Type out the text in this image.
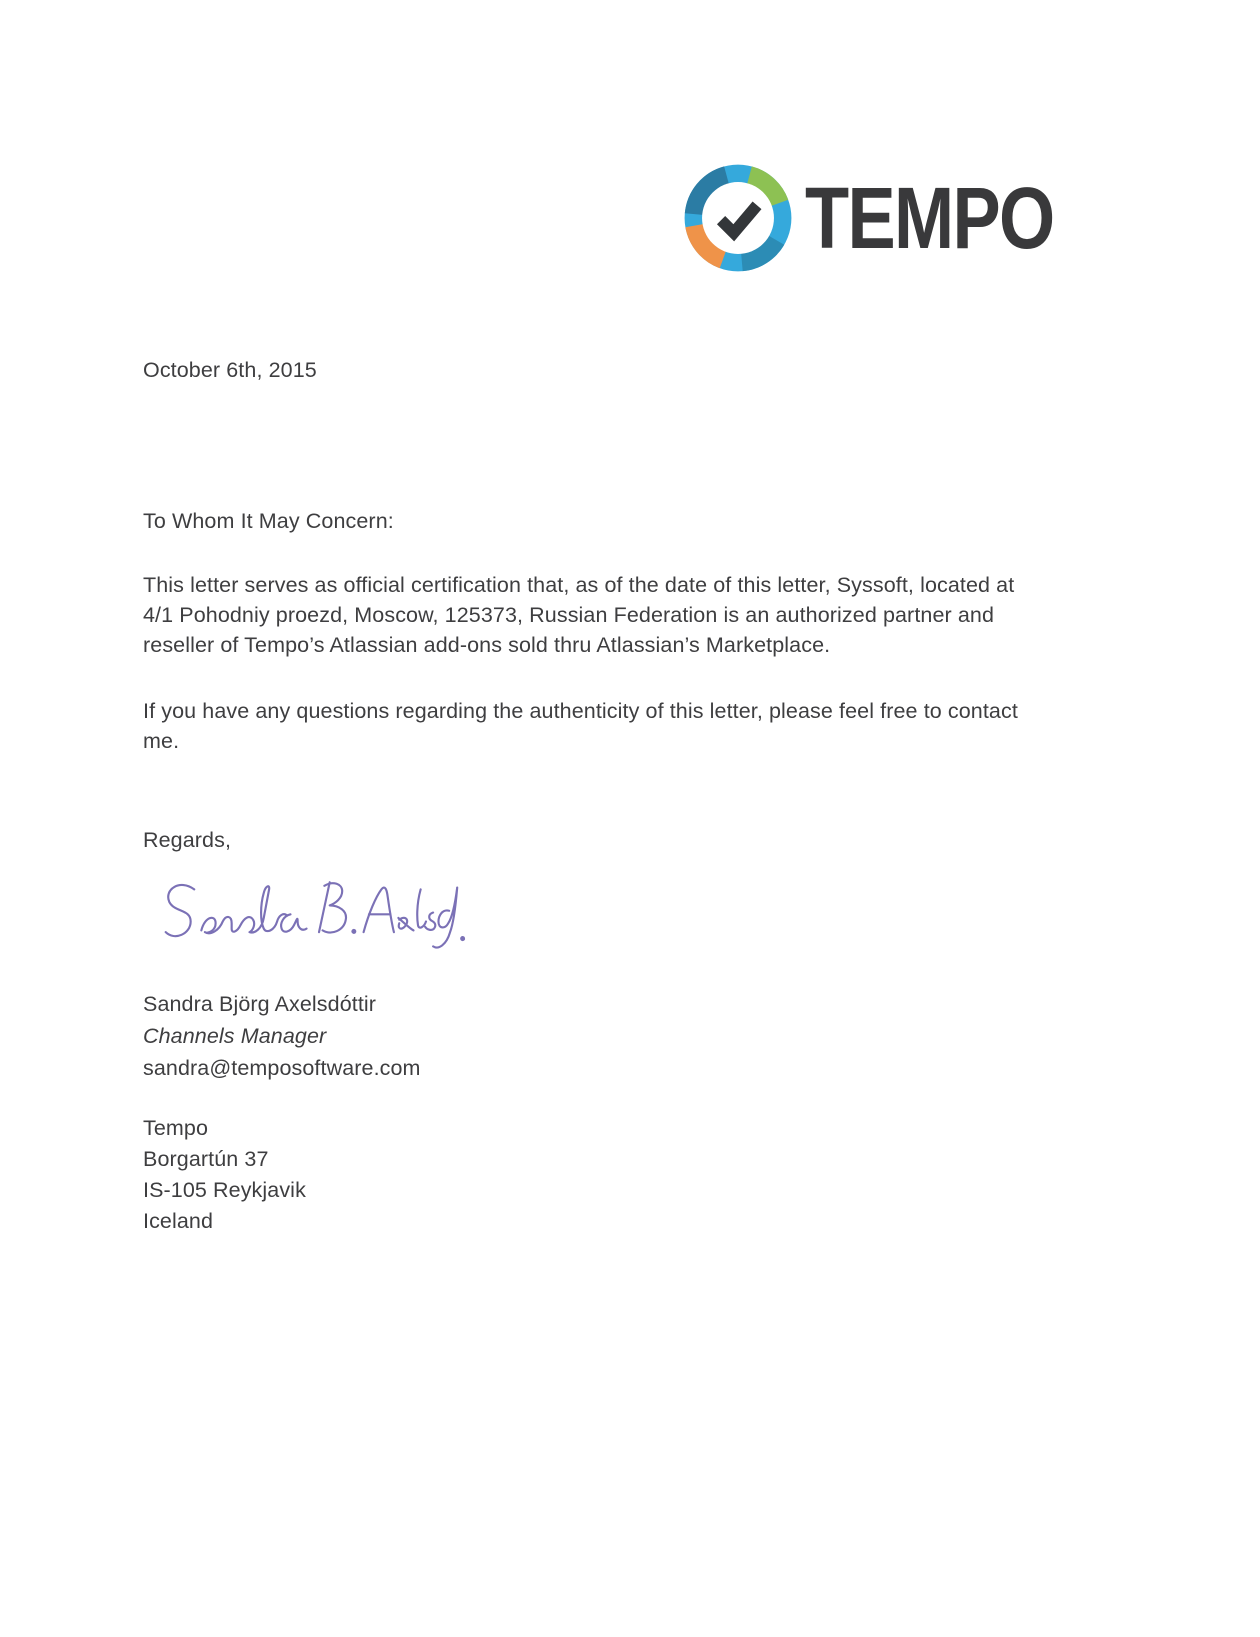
TEMPO
October 6th, 2015
To Whom It May Concern:
This letter serves as official certification that, as of the date of this letter, Syssoft, located at
4/1 Pohodniy proezd, Moscow, 125373, Russian Federation is an authorized partner and
reseller of Tempo’s Atlassian add-ons sold thru Atlassian’s Marketplace.
If you have any questions regarding the authenticity of this letter, please feel free to contact
me.
Regards,
Sandra Björg Axelsdóttir
Channels Manager
sandra@temposoftware.com
Tempo
Borgartún 37
IS-105 Reykjavik
Iceland
